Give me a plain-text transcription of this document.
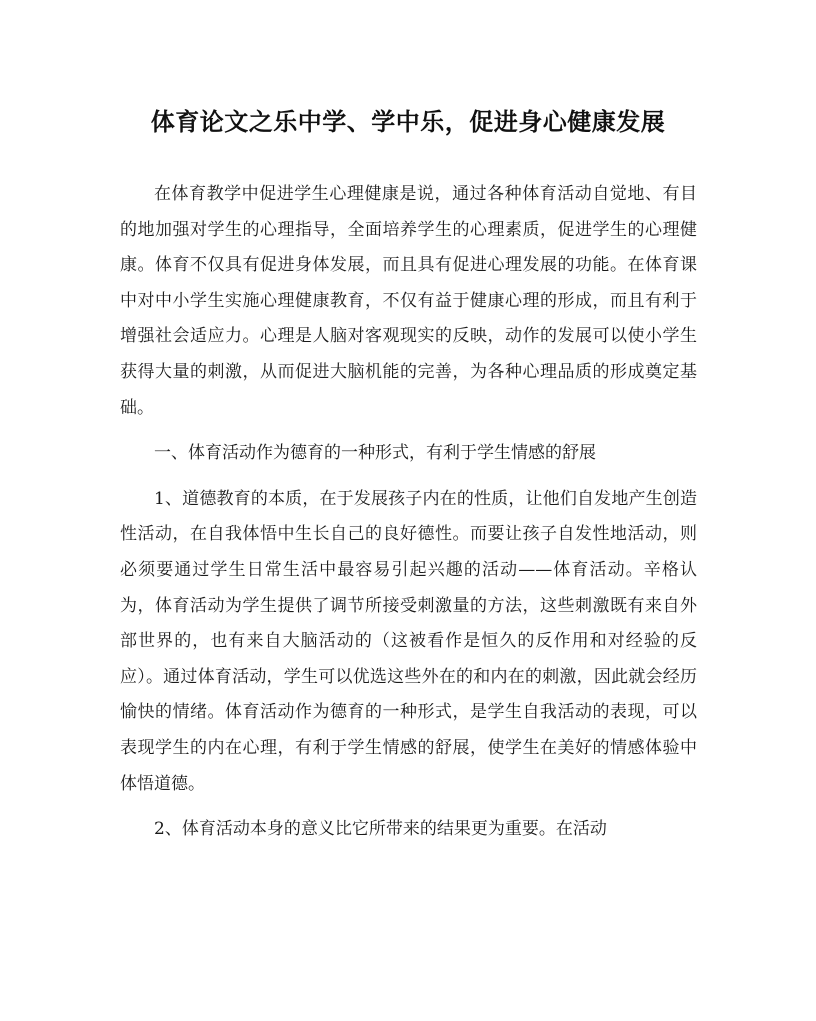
体育论文之乐中学、学中乐，促进身心健康发展

在体育教学中促进学生心理健康是说，通过各种体育活动自觉地、有目的地加强对学生的心理指导，全面培养学生的心理素质，促进学生的心理健康。体育不仅具有促进身体发展，而且具有促进心理发展的功能。在体育课中对中小学生实施心理健康教育，不仅有益于健康心理的形成，而且有利于增强社会适应力。心理是人脑对客观现实的反映，动作的发展可以使小学生获得大量的刺激，从而促进大脑机能的完善，为各种心理品质的形成奠定基础。

一、体育活动作为德育的一种形式，有利于学生情感的舒展

1、道德教育的本质，在于发展孩子内在的性质，让他们自发地产生创造性活动，在自我体悟中生长自己的良好德性。而要让孩子自发性地活动，则必须要通过学生日常生活中最容易引起兴趣的活动——体育活动。辛格认为，体育活动为学生提供了调节所接受刺激量的方法，这些刺激既有来自外部世界的，也有来自大脑活动的（这被看作是恒久的反作用和对经验的反应）。通过体育活动，学生可以优选这些外在的和内在的刺激，因此就会经历愉快的情绪。体育活动作为德育的一种形式，是学生自我活动的表现，可以表现学生的内在心理，有利于学生情感的舒展，使学生在美好的情感体验中体悟道德。

2、体育活动本身的意义比它所带来的结果更为重要。在活动
